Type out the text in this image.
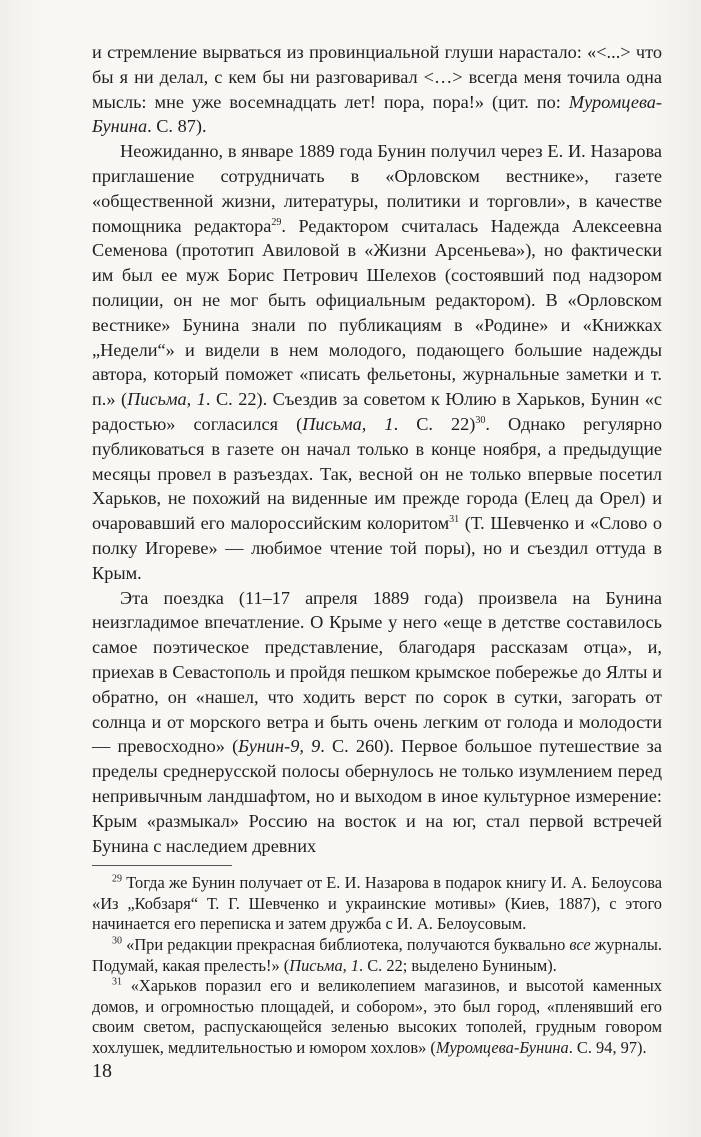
и стремление вырваться из провинциальной глуши нарастало: «<...> что бы я ни делал, с кем бы ни разговаривал <…> всегда меня точила одна мысль: мне уже восемнадцать лет! пора, пора!» (цит. по: Муромцева-Бунина. С. 87).

Неожиданно, в январе 1889 года Бунин получил через Е. И. Назарова приглашение сотрудничать в «Орловском вестнике», газете «общественной жизни, литературы, политики и торговли», в качестве помощника редактора$^{29}$. Редактором считалась Надежда Алексеевна Семенова (прототип Авиловой в «Жизни Арсеньева»), но фактически им был ее муж Борис Петрович Шелехов (состоявший под надзором полиции, он не мог быть официальным редактором). В «Орловском вестнике» Бунина знали по публикациям в «Родине» и «Книжках „Недели“» и видели в нем молодого, подающего большие надежды автора, который поможет «писать фельетоны, журнальные заметки и т. п.» (Письма, 1. С. 22). Съездив за советом к Юлию в Харьков, Бунин «с радостью» согласился (Письма, 1. С. 22)$^{30}$. Однако регулярно публиковаться в газете он начал только в конце ноября, а предыдущие месяцы провел в разъездах. Так, весной он не только впервые посетил Харьков, не похожий на виденные им прежде города (Елец да Орел) и очаровавший его малороссийским колоритом$^{31}$ (Т. Шевченко и «Слово о полку Игореве» — любимое чтение той поры), но и съездил оттуда в Крым.

Эта поездка (11–17 апреля 1889 года) произвела на Бунина неизгладимое впечатление. О Крыме у него «еще в детстве составилось самое поэтическое представление, благодаря рассказам отца», и, приехав в Севастополь и пройдя пешком крымское побережье до Ялты и обратно, он «нашел, что ходить верст по сорок в сутки, загорать от солнца и от морского ветра и быть очень легким от голода и молодости — превосходно» (Бунин-9, 9. С. 260). Первое большое путешествие за пределы среднерусской полосы обернулось не только изумлением перед непривычным ландшафтом, но и выходом в иное культурное измерение: Крым «размыкал» Россию на восток и на юг, стал первой встречей Бунина с наследием древних

$^{29}$ Тогда же Бунин получает от Е. И. Назарова в подарок книгу И. А. Белоусова «Из „Кобзаря“ Т. Г. Шевченко и украинские мотивы» (Киев, 1887), с этого начинается его переписка и затем дружба с И. А. Белоусовым.

$^{30}$ «При редакции прекрасная библиотека, получаются буквально все журналы. Подумай, какая прелесть!» (Письма, 1. С. 22; выделено Буниным).

$^{31}$ «Харьков поразил его и великолепием магазинов, и высотой каменных домов, и огромностью площадей, и собором», это был город, «пленявший его своим светом, распускающейся зеленью высоких тополей, грудным говором хохлушек, медлительностью и юмором хохлов» (Муромцева-Бунина. С. 94, 97).

18
